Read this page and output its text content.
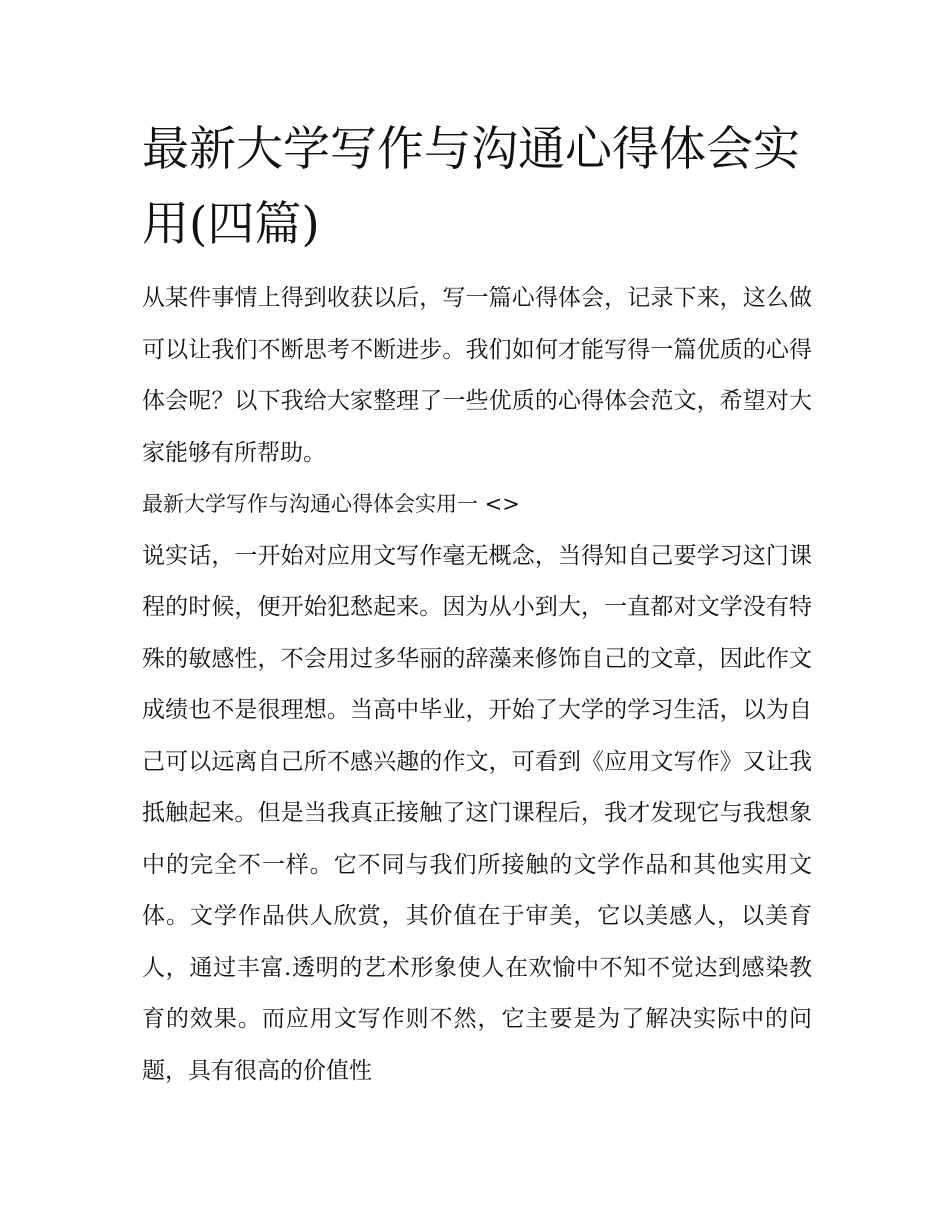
最新大学写作与沟通心得体会实用(四篇)

从某件事情上得到收获以后，写一篇心得体会，记录下来，这么做可以让我们不断思考不断进步。我们如何才能写得一篇优质的心得体会呢？以下我给大家整理了一些优质的心得体会范文，希望对大家能够有所帮助。

最新大学写作与沟通心得体会实用一 <>

说实话，一开始对应用文写作毫无概念，当得知自己要学习这门课程的时候，便开始犯愁起来。因为从小到大，一直都对文学没有特殊的敏感性，不会用过多华丽的辞藻来修饰自己的文章，因此作文成绩也不是很理想。当高中毕业，开始了大学的学习生活，以为自己可以远离自己所不感兴趣的作文，可看到《应用文写作》又让我抵触起来。但是当我真正接触了这门课程后，我才发现它与我想象中的完全不一样。它不同与我们所接触的文学作品和其他实用文体。文学作品供人欣赏，其价值在于审美，它以美感人，以美育人，通过丰富.透明的艺术形象使人在欢愉中不知不觉达到感染教育的效果。而应用文写作则不然，它主要是为了解决实际中的问题，具有很高的价值性
